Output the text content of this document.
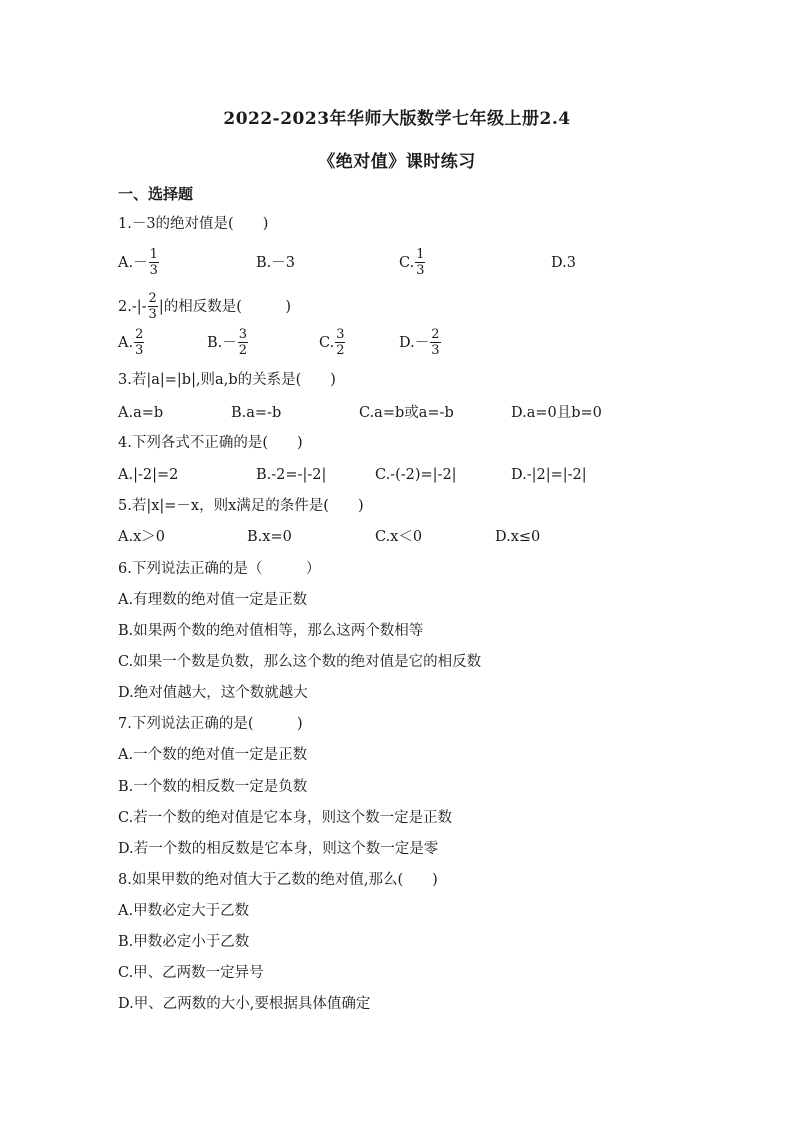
2022-2023年华师大版数学七年级上册2.4
《绝对值》课时练习
一、选择题
1.－3的绝对值是(　　)
$A.- \frac{1}{3}$	B.－3	C. $\frac{1}{3}$	D.3
$2.-|- \frac{2}{3}$ |的相反数是(　　　)
A. $\frac{2}{3}$	$B.- \frac{3}{2}$	C. $\frac{3}{2}$	$D.- \frac{2}{3}$
3.若|a|=|b|,则a,b的关系是(　　)
A.a=b	B.a=-b	C.a=b或a=-b	D.a=0且b=0
4.下列各式不正确的是(　　)
A.|-2|=2	B.-2=-|-2|	C.-(-2)=|-2|	D.-|2|=|-2|
5.若|x|=－x，则x满足的条件是(　　)
A.x＞0	B.x=0	C.x＜0	D.x≤0
6.下列说法正确的是（　　　）
A.有理数的绝对值一定是正数
B.如果两个数的绝对值相等，那么这两个数相等
C.如果一个数是负数，那么这个数的绝对值是它的相反数
D.绝对值越大，这个数就越大
7.下列说法正确的是(　　　)
A.一个数的绝对值一定是正数
B.一个数的相反数一定是负数
C.若一个数的绝对值是它本身，则这个数一定是正数
D.若一个数的相反数是它本身，则这个数一定是零
8.如果甲数的绝对值大于乙数的绝对值,那么(　　)
A.甲数必定大于乙数
B.甲数必定小于乙数
C.甲、乙两数一定异号
D.甲、乙两数的大小,要根据具体值确定
